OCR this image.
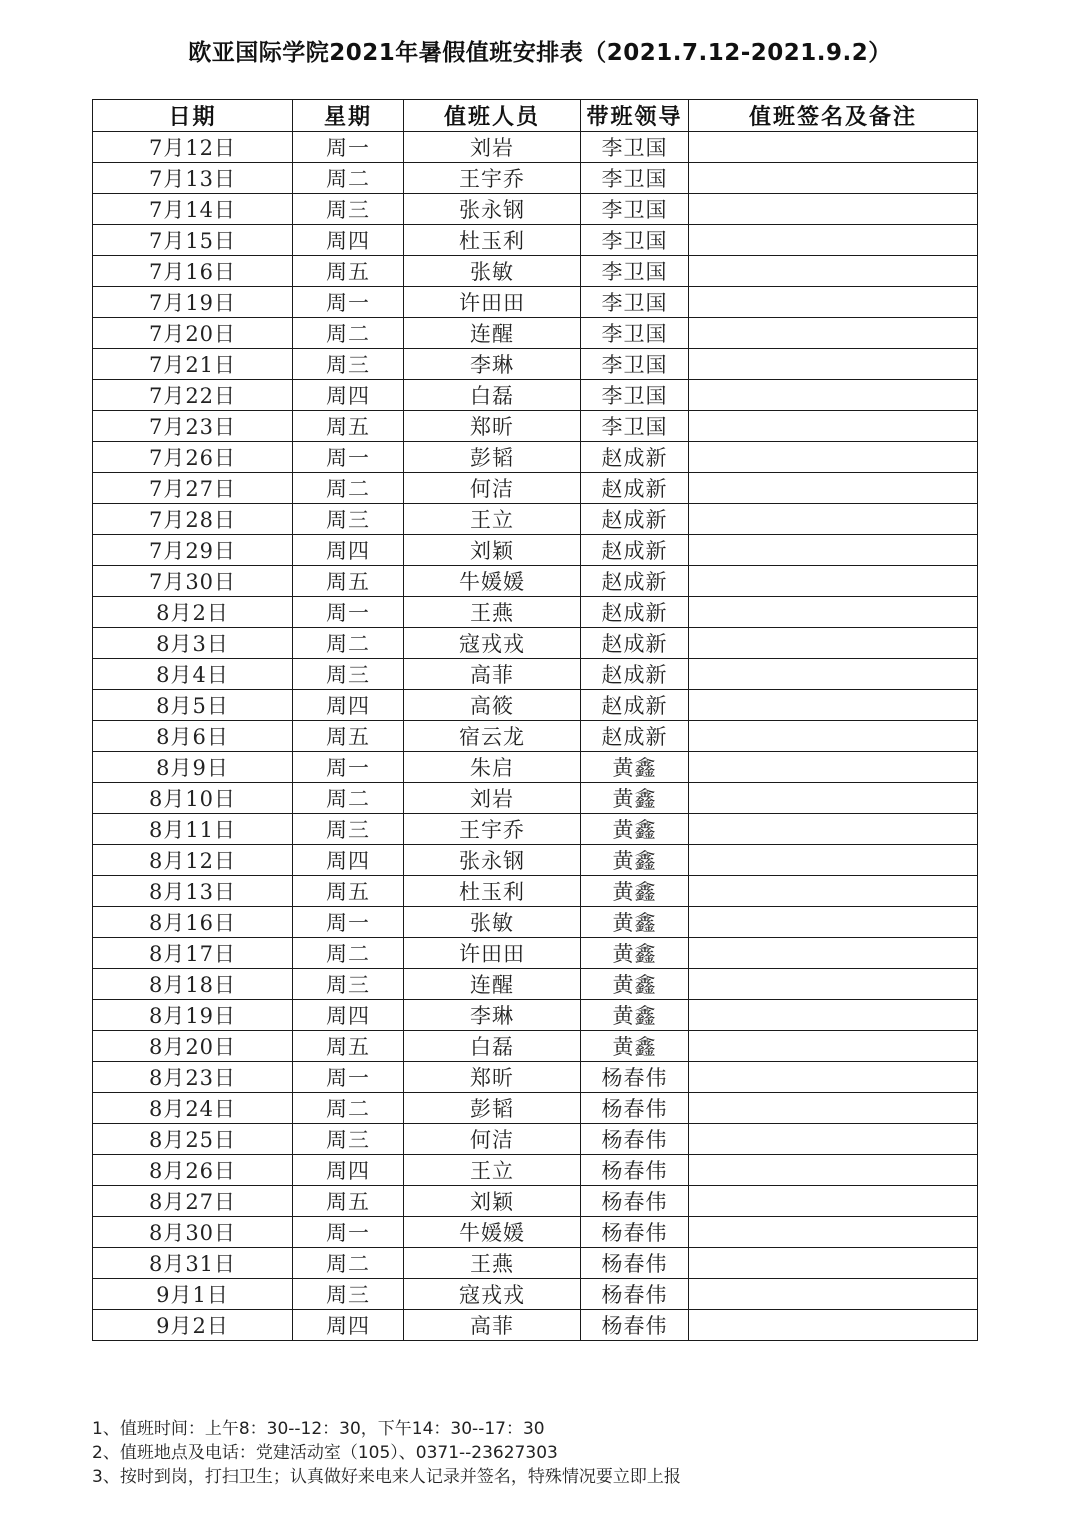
欧亚国际学院2021年暑假值班安排表（2021.7.12-2021.9.2）
日期	星期	值班人员	带班领导	值班签名及备注
7月12日	周一	刘岩	李卫国	
7月13日	周二	王宇乔	李卫国	
7月14日	周三	张永钢	李卫国	
7月15日	周四	杜玉利	李卫国	
7月16日	周五	张敏	李卫国	
7月19日	周一	许田田	李卫国	
7月20日	周二	连醒	李卫国	
7月21日	周三	李琳	李卫国	
7月22日	周四	白磊	李卫国	
7月23日	周五	郑昕	李卫国	
7月26日	周一	彭韬	赵成新	
7月27日	周二	何洁	赵成新	
7月28日	周三	王立	赵成新	
7月29日	周四	刘颖	赵成新	
7月30日	周五	牛媛媛	赵成新	
8月2日	周一	王燕	赵成新	
8月3日	周二	寇戎戎	赵成新	
8月4日	周三	高菲	赵成新	
8月5日	周四	高筱	赵成新	
8月6日	周五	宿云龙	赵成新	
8月9日	周一	朱启	黄鑫	
8月10日	周二	刘岩	黄鑫	
8月11日	周三	王宇乔	黄鑫	
8月12日	周四	张永钢	黄鑫	
8月13日	周五	杜玉利	黄鑫	
8月16日	周一	张敏	黄鑫	
8月17日	周二	许田田	黄鑫	
8月18日	周三	连醒	黄鑫	
8月19日	周四	李琳	黄鑫	
8月20日	周五	白磊	黄鑫	
8月23日	周一	郑昕	杨春伟	
8月24日	周二	彭韬	杨春伟	
8月25日	周三	何洁	杨春伟	
8月26日	周四	王立	杨春伟	
8月27日	周五	刘颖	杨春伟	
8月30日	周一	牛媛媛	杨春伟	
8月31日	周二	王燕	杨春伟	
9月1日	周三	寇戎戎	杨春伟	
9月2日	周四	高菲	杨春伟	
1、值班时间：上午8：30--12：30，下午14：30--17：30
2、值班地点及电话：党建活动室（105）、0371--23627303
3、按时到岗，打扫卫生；认真做好来电来人记录并签名，特殊情况要立即上报
